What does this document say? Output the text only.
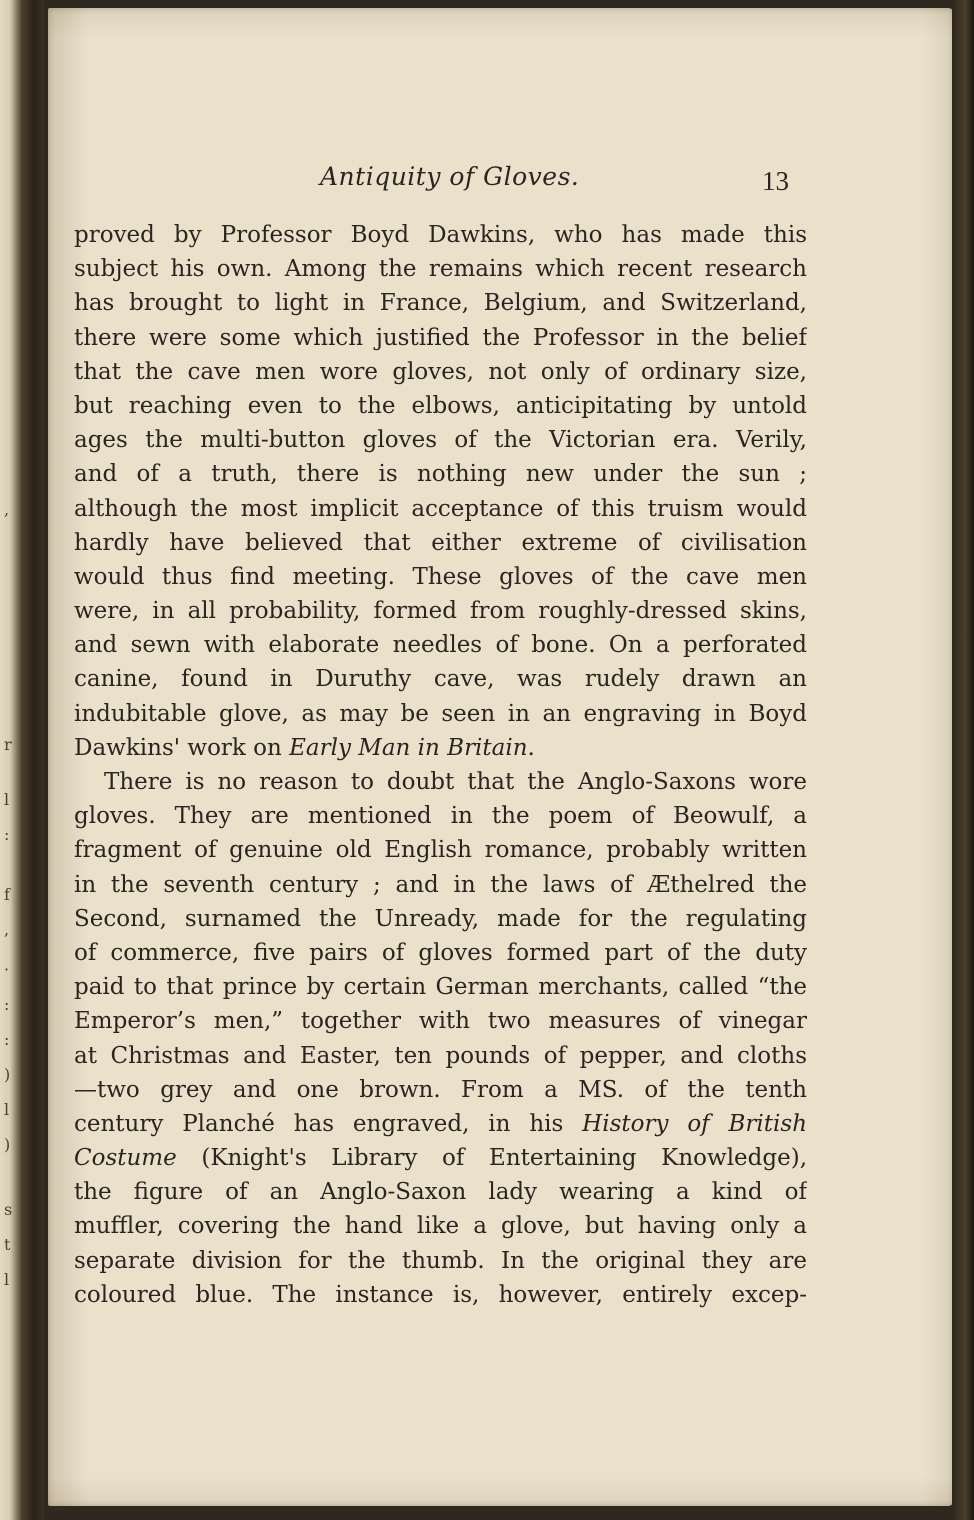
,
r
l
:
f
,
·
:
:
)
l
)
s
t
l
Antiquity of Gloves.	13
proved by Professor Boyd Dawkins, who has made this
subject his own. Among the remains which recent research
has brought to light in France, Belgium, and Switzerland,
there were some which justified the Professor in the belief
that the cave men wore gloves, not only of ordinary size,
but reaching even to the elbows, anticipitating by untold
ages the multi-button gloves of the Victorian era. Verily,
and of a truth, there is nothing new under the sun ;
although the most implicit acceptance of this truism would
hardly have believed that either extreme of civilisation
would thus find meeting. These gloves of the cave men
were, in all probability, formed from roughly-dressed skins,
and sewn with elaborate needles of bone. On a perforated
canine, found in Duruthy cave, was rudely drawn an
indubitable glove, as may be seen in an engraving in Boyd
Dawkins' work on Early Man in Britain.
There is no reason to doubt that the Anglo-Saxons wore
gloves. They are mentioned in the poem of Beowulf, a
fragment of genuine old English romance, probably written
in the seventh century ; and in the laws of Æthelred the
Second, surnamed the Unready, made for the regulating
of commerce, five pairs of gloves formed part of the duty
paid to that prince by certain German merchants, called “the
Emperor’s men,” together with two measures of vinegar
at Christmas and Easter, ten pounds of pepper, and cloths
—two grey and one brown. From a MS. of the tenth
century Planché has engraved, in his History of British
Costume (Knight's Library of Entertaining Knowledge),
the figure of an Anglo-Saxon lady wearing a kind of
muffler, covering the hand like a glove, but having only a
separate division for the thumb. In the original they are
coloured blue. The instance is, however, entirely excep-
